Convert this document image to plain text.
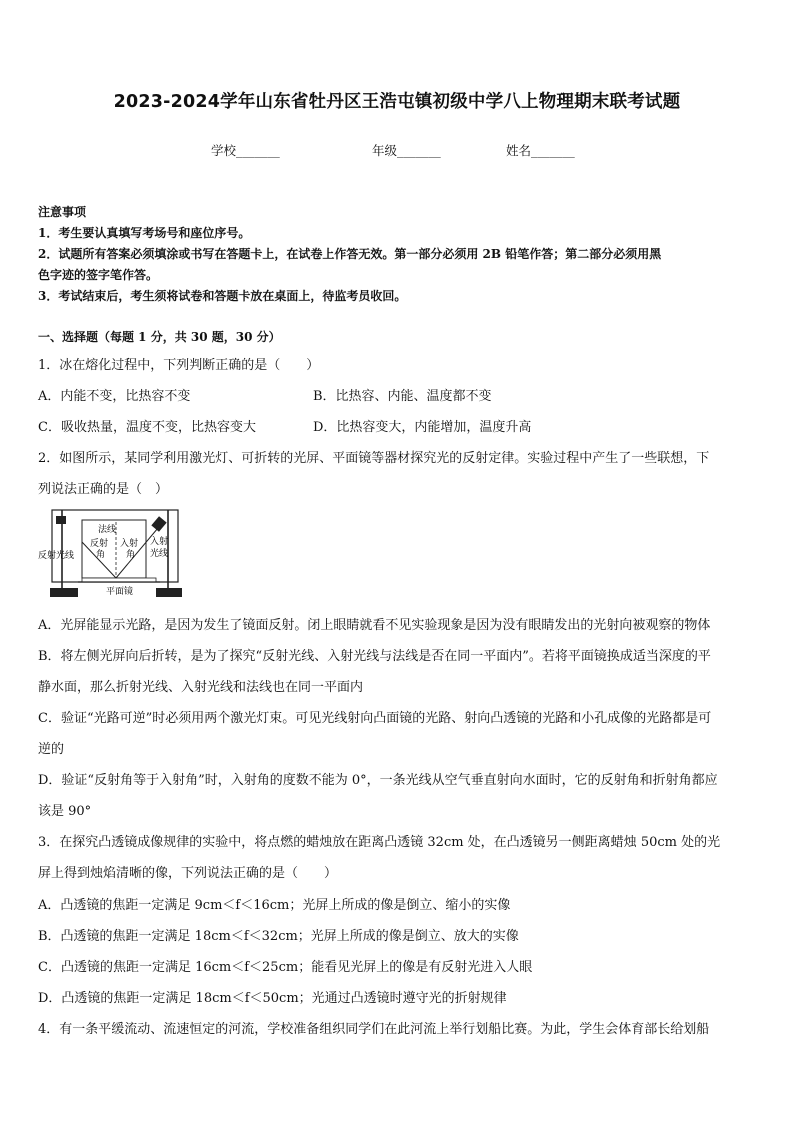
2023-2024学年山东省牡丹区王浩屯镇初级中学八上物理期末联考试题
学校_______	年级_______	姓名_______
注意事项
1．考生要认真填写考场号和座位序号。
2．试题所有答案必须填涂或书写在答题卡上，在试卷上作答无效。第一部分必须用 2B 铅笔作答；第二部分必须用黑
色字迹的签字笔作答。
3．考试结束后，考生须将试卷和答题卡放在桌面上，待监考员收回。
一、选择题（每题 1 分，共 30 题，30 分）
1．冰在熔化过程中，下列判断正确的是（　　）
A．内能不变，比热容不变	B．比热容、内能、温度都不变
C．吸收热量，温度不变，比热容变大	D．比热容变大，内能增加，温度升高
2．如图所示，某同学利用激光灯、可折转的光屏、平面镜等器材探究光的反射定律。实验过程中产生了一些联想，下
列说法正确的是（　）
法线
反射
角
入射
角
反射光线
入射
光线
平面镜
A．光屏能显示光路，是因为发生了镜面反射。闭上眼睛就看不见实验现象是因为没有眼睛发出的光射向被观察的物体
B．将左侧光屏向后折转，是为了探究“反射光线、入射光线与法线是否在同一平面内”。若将平面镜换成适当深度的平
静水面，那么折射光线、入射光线和法线也在同一平面内
C．验证“光路可逆”时必须用两个激光灯束。可见光线射向凸面镜的光路、射向凸透镜的光路和小孔成像的光路都是可
逆的
D．验证“反射角等于入射角”时，入射角的度数不能为 0°，一条光线从空气垂直射向水面时，它的反射角和折射角都应
该是 90°
3．在探究凸透镜成像规律的实验中，将点燃的蜡烛放在距离凸透镜 32cm 处，在凸透镜另一侧距离蜡烛 50cm 处的光
屏上得到烛焰清晰的像，下列说法正确的是（　　）
A．凸透镜的焦距一定满足 9cm＜f＜16cm；光屏上所成的像是倒立、缩小的实像
B．凸透镜的焦距一定满足 18cm＜f＜32cm；光屏上所成的像是倒立、放大的实像
C．凸透镜的焦距一定满足 16cm＜f＜25cm；能看见光屏上的像是有反射光进入人眼
D．凸透镜的焦距一定满足 18cm＜f＜50cm；光通过凸透镜时遵守光的折射规律
4．有一条平缓流动、流速恒定的河流，学校准备组织同学们在此河流上举行划船比赛。为此，学生会体育部长给划船
